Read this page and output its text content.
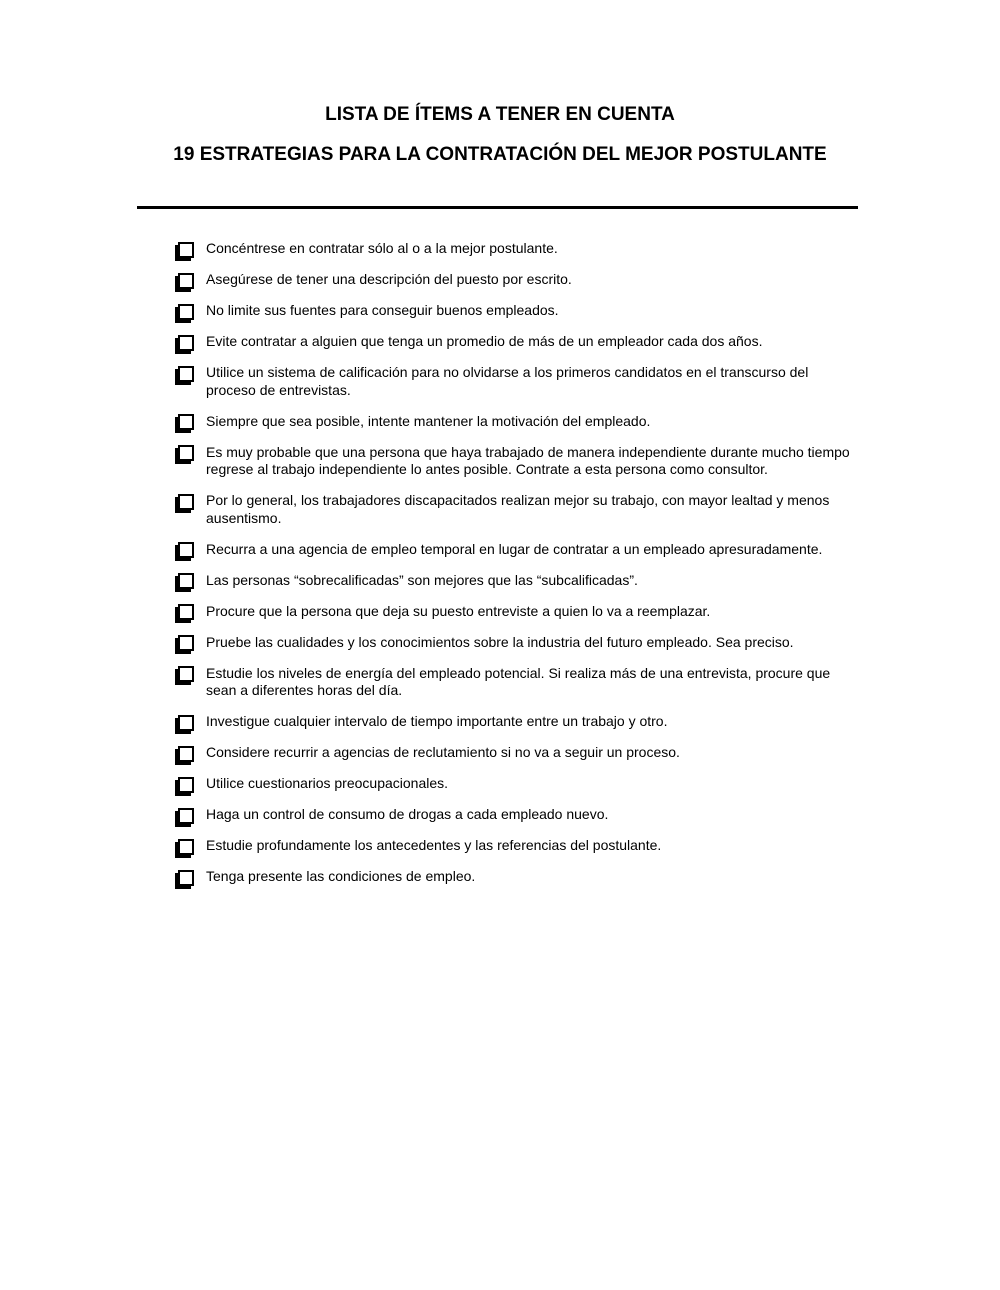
LISTA DE ÍTEMS A TENER EN CUENTA
19 ESTRATEGIAS PARA LA CONTRATACIÓN DEL MEJOR POSTULANTE
Concéntrese en contratar sólo al o a la mejor postulante.
Asegúrese de tener una descripción del puesto por escrito.
No limite sus fuentes para conseguir buenos empleados.
Evite contratar a alguien que tenga un promedio de más de un empleador cada dos años.
Utilice un sistema de calificación para no olvidarse a los primeros candidatos en el transcurso del proceso de entrevistas.
Siempre que sea posible, intente mantener la motivación del empleado.
Es muy probable que una persona que haya trabajado de manera independiente durante mucho tiempo regrese al trabajo independiente lo antes posible. Contrate a esta persona como consultor.
Por lo general, los trabajadores discapacitados realizan mejor su trabajo, con mayor lealtad y menos ausentismo.
Recurra a una agencia de empleo temporal en lugar de contratar a un empleado apresuradamente.
Las personas “sobrecalificadas” son mejores que las “subcalificadas”.
Procure que la persona que deja su puesto entreviste a quien lo va a reemplazar.
Pruebe las cualidades y los conocimientos sobre la industria del futuro empleado. Sea preciso.
Estudie los niveles de energía del empleado potencial. Si realiza más de una entrevista, procure que sean a diferentes horas del día.
Investigue cualquier intervalo de tiempo importante entre un trabajo y otro.
Considere recurrir a agencias de reclutamiento si no va a seguir un proceso.
Utilice cuestionarios preocupacionales.
Haga un control de consumo de drogas a cada empleado nuevo.
Estudie profundamente los antecedentes y las referencias del postulante.
Tenga presente las condiciones de empleo.
